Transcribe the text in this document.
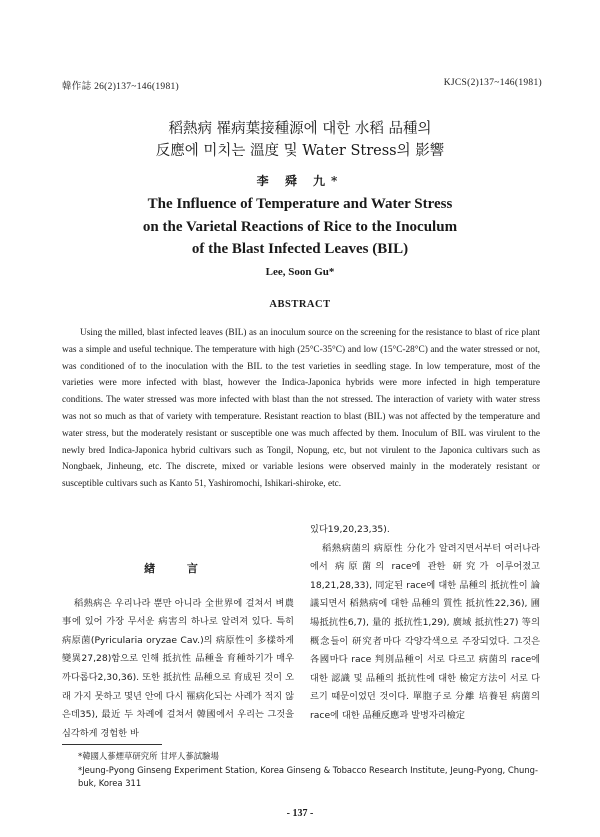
韓作誌 26(2)137~146(1981)	KJCS(2)137~146(1981)
稻熱病 罹病葉接種源에 대한 水稻 品種의
反應에 미치는 溫度 및 Water Stress의 影響
李 舜 九*
The Influence of Temperature and Water Stress
on the Varietal Reactions of Rice to the Inoculum
of the Blast Infected Leaves (BIL)
Lee, Soon Gu*
ABSTRACT
Using the milled, blast infected leaves (BIL) as an inoculum source on the screening for the resistance to blast of rice plant was a simple and useful technique. The temperature with high (25°C-35°C) and low (15°C-28°C) and the water stressed or not, was conditioned of to the inoculation with the BIL to the test varieties in seedling stage. In low temperature, most of the varieties were more infected with blast, however the Indica-Japonica hybrids were more infected in high temperature conditions. The water stressed was more infected with blast than the not stressed. The interaction of variety with water stress was not so much as that of variety with temperature. Resistant reaction to blast (BIL) was not affected by the temperature and water stress, but the moderately resistant or susceptible one was much affected by them. Inoculum of BIL was virulent to the newly bred Indica-Japonica hybrid cultivars such as Tongil, Nopung, etc, but not virulent to the Japonica cultivars such as Nongbaek, Jinheung, etc. The discrete, mixed or variable lesions were observed mainly in the moderately resistant or susceptible cultivars such as Kanto 51, Yashiromochi, Ishikari-shiroke, etc.
緖 言

稻熱病은 우리나라 뿐만 아니라 全世界에 걸쳐서 벼農事에 있어 가장 무서운 病害의 하나로 알려져 있다. 특히 病原菌(Pyricularia oryzae Cav.)의 病原性이 多樣하게 變異27,28)함으로 인해 抵抗性 品種을 育種하기가 매우 까다롭다2,30,36). 또한 抵抗性 品種으로 育成된 것이 오래 가지 못하고 몇년 안에 다시 罹病化되는 사례가 적지 않은데35), 最近 두 차례에 걸쳐서 韓國에서 우리는 그것을 심각하게 경험한 바

있다19,20,23,35).

稻熱病菌의 病原性 分化가 알려지면서부터 여러나라에서 病原菌의 race에 관한 研究가 이루어졌고18,21,28,33), 同定된 race에 대한 品種의 抵抗性이 論議되면서 稻熱病에 대한 品種의 質性 抵抗性22,36), 圃場抵抗性6,7), 量的 抵抗性1,29), 廣域 抵抗性27) 等의 概念들이 研究者마다 각양각색으로 주장되었다. 그것은 各國마다 race 判別品種이 서로 다르고 病菌의 race에 대한 認識 및 品種의 抵抗性에 대한 檢定方法이 서로 다르기 때문이었던 것이다. 單胞子로 分離 培養된 病菌의 race에 대한 品種反應과 발병자리檢定

*韓國人蔘煙草研究所 甘坪人蔘試驗場
*Jeung-Pyong Ginseng Experiment Station, Korea Ginseng & Tobacco Research Institute, Jeung-Pyong, Chung-buk, Korea 311
- 137 -
